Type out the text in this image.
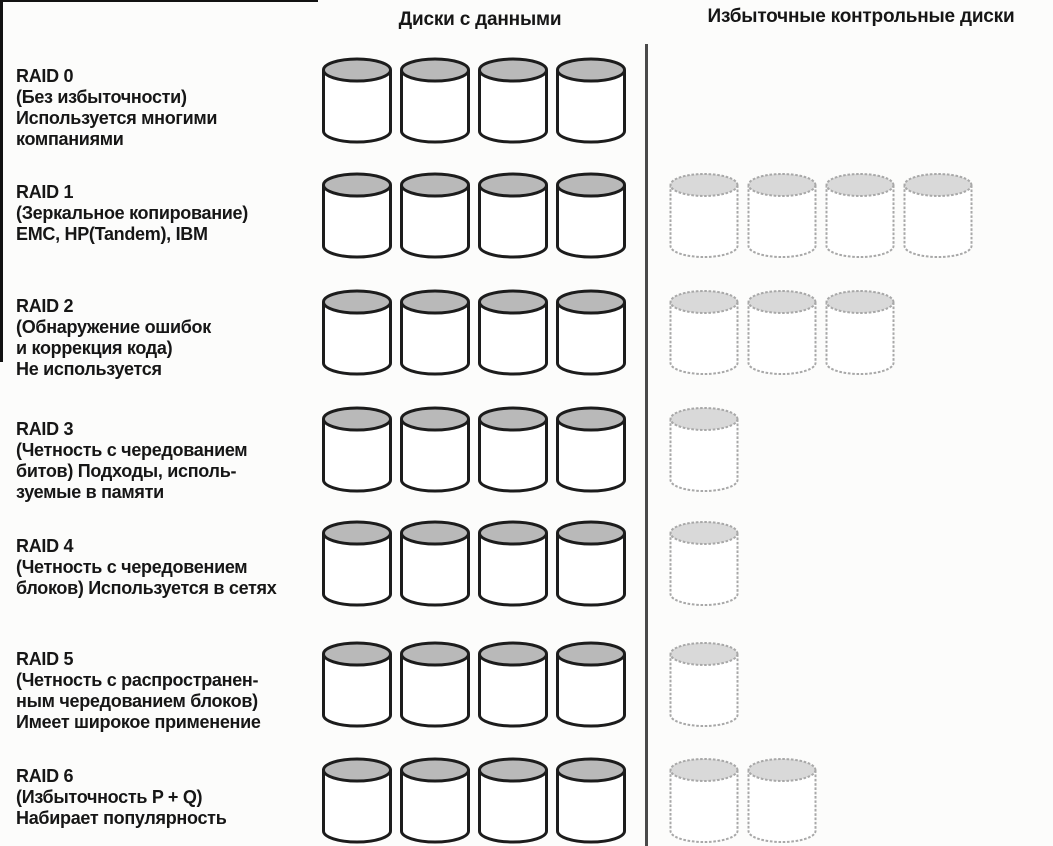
Диски с данными	Избыточные контрольные диски
RAID 0
(Без избыточности)
Используется многими
компаниями
RAID 1
(Зеркальное копирование)
EMC, HP(Tandem), IBM
RAID 2
(Обнаружение ошибок
и коррекция кода)
Не используется
RAID 3
(Четность с чередованием
битов) Подходы, исполь-
зуемые в памяти
RAID 4
(Четность с чередовением
блоков) Используется в сетях
RAID 5
(Четность с распространен-
ным чередованием блоков)
Имеет широкое применение
RAID 6
(Избыточность P + Q)
Набирает популярность
